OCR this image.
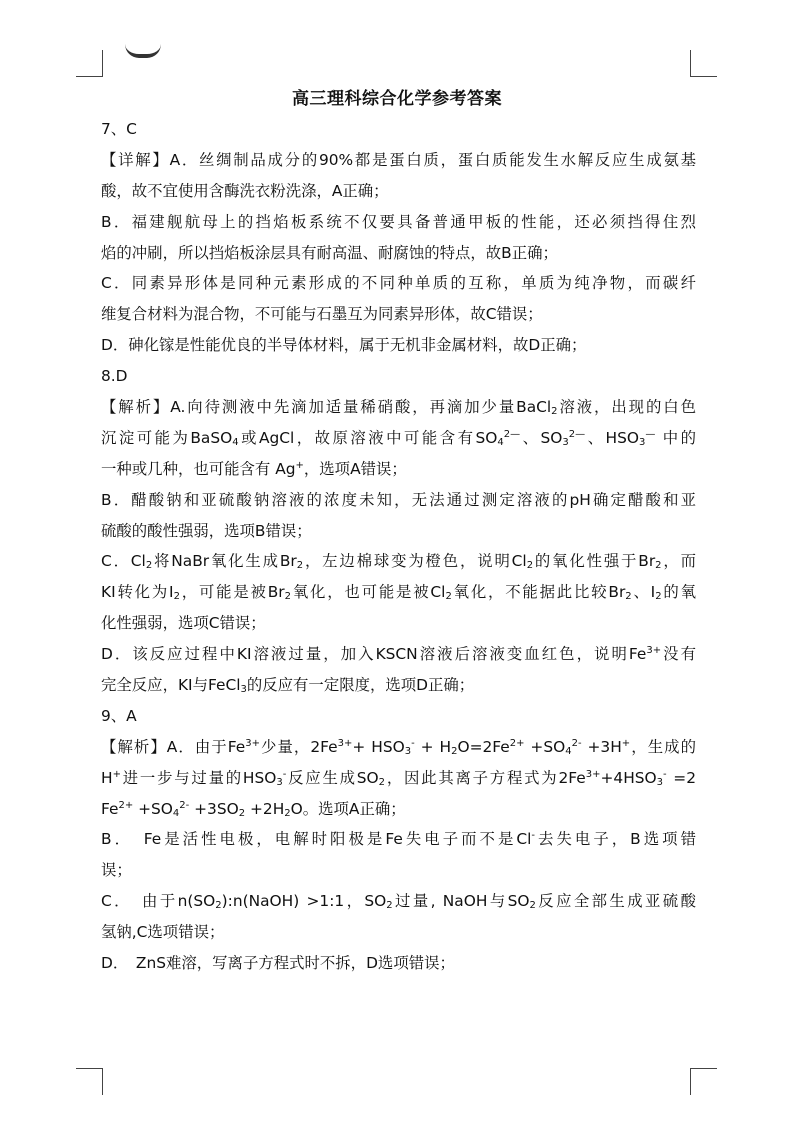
高三理科综合化学参考答案
7、C
【详解】A．丝绸制品成分的90%都是蛋白质，蛋白质能发生水解反应生成氨基
酸，故不宜使用含酶洗衣粉洗涤，A正确；
B．福建舰航母上的挡焰板系统不仅要具备普通甲板的性能，还必须挡得住烈
焰的冲刷，所以挡焰板涂层具有耐高温、耐腐蚀的特点，故B正确；
C．同素异形体是同种元素形成的不同种单质的互称，单质为纯净物，而碳纤
维复合材料为混合物，不可能与石墨互为同素异形体，故C错误；
D．砷化镓是性能优良的半导体材料，属于无机非金属材料，故D正确；
8.D
【解析】A.向待测液中先滴加适量稀硝酸，再滴加少量BaCl$_2$溶液，出现的白色
沉淀可能为BaSO$_4$或AgCl，故原溶液中可能含有$SO_4^{2—}$、$SO_3^{2—}$、$HSO_3^—$ 中的
一种或几种，也可能含有 Ag+，选项A错误；
B．醋酸钠和亚硫酸钠溶液的浓度未知，无法通过测定溶液的pH确定醋酸和亚
硫酸的酸性强弱，选项B错误；
C．$Cl_2$将NaBr氧化生成$Br_2$，左边棉球变为橙色，说明$Cl_2$的氧化性强于$Br_2$，而
KI转化为$I_2$，可能是被$Br_2$氧化，也可能是被$Cl_2$氧化，不能据此比较$Br_2$、$I_2$的氧
化性强弱，选项C错误；
D．该反应过程中KI溶液过量，加入KSCN溶液后溶液变血红色，说明$Fe^{3+}$没有
完全反应，KI与FeCl$_3$的反应有一定限度，选项D正确；
9、A
【解析】A．由于$Fe^{3+}$少量，$2Fe^{3+}+ HSO_3^- + H_2O=2Fe^{2+} +SO_4^{2-} +3H^+$，生成的
H+进一步与过量的$HSO_3^-$反应生成$SO_2$，因此其离子方程式为$2Fe^{3+}+4HSO_3^- =2$
$Fe^{2+} +SO_4^{2-} +3SO_2 +2H_2O$。选项A正确；
B．　Fe是活性电极，电解时阳极是Fe失电子而不是Cl-去失电子，B选项错
误；
C．　由于$n(SO_2):n(NaOH)$ >1:1，$SO_2$过量, NaOH与$SO_2$反应全部生成亚硫酸
氢钠,C选项错误；
D．　ZnS难溶，写离子方程式时不拆，D选项错误；
